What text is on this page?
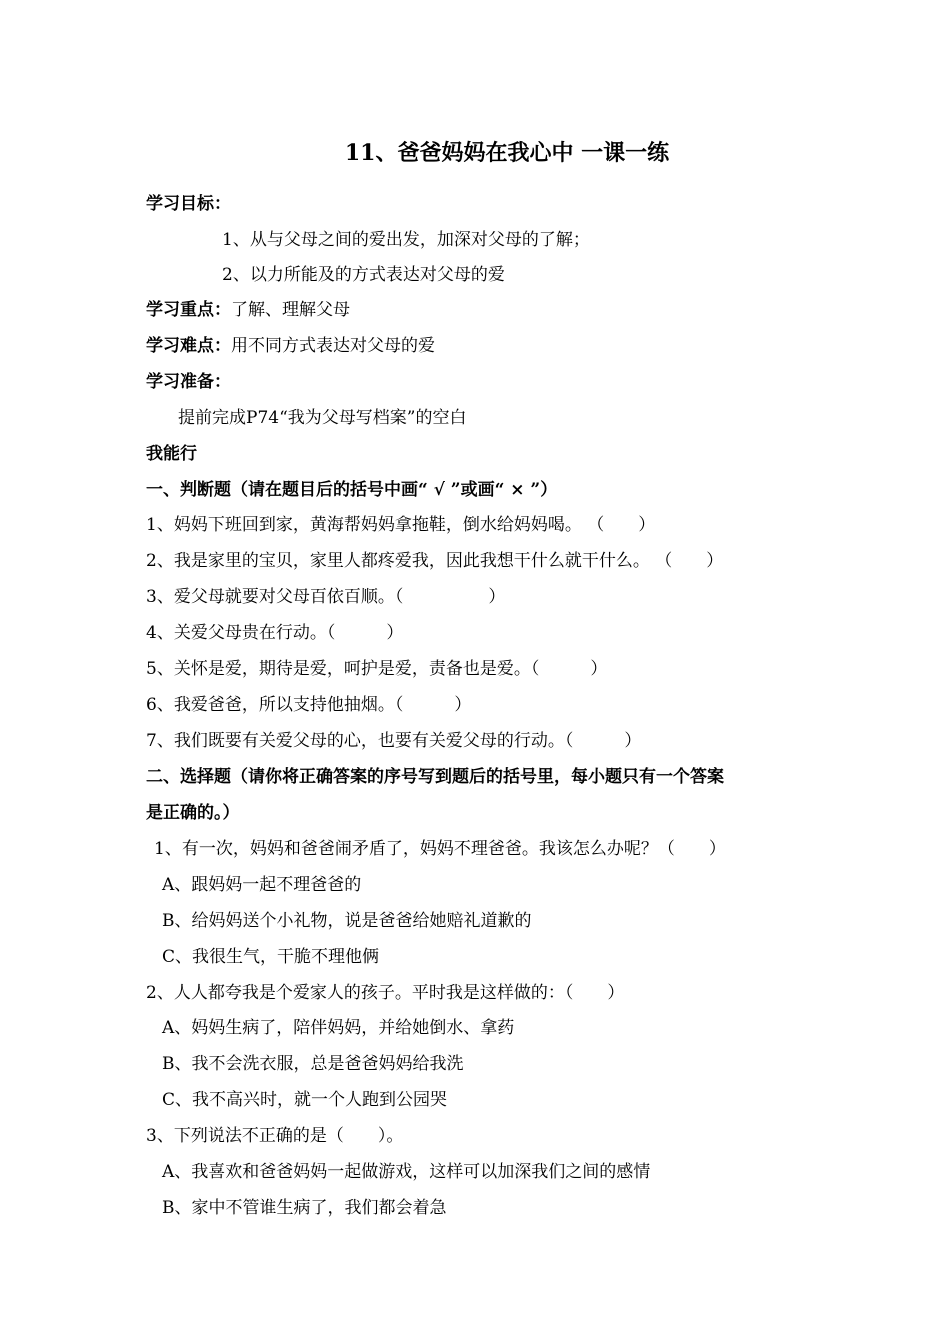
11、爸爸妈妈在我心中 一课一练
学习目标：
1、从与父母之间的爱出发，加深对父母的了解；
2、以力所能及的方式表达对父母的爱
学习重点：了解、理解父母
学习难点：用不同方式表达对父母的爱
学习准备：
提前完成P74“我为父母写档案”的空白
我能行
一、判断题（请在题目后的括号中画“ √ ”或画“ × ”）
1、妈妈下班回到家，黄海帮妈妈拿拖鞋，倒水给妈妈喝。 （　　）
2、我是家里的宝贝，家里人都疼爱我，因此我想干什么就干什么。 （　　）
3、爱父母就要对父母百依百顺。（　　　　　）
4、关爱父母贵在行动。（　　　）
5、关怀是爱，期待是爱，呵护是爱，责备也是爱。（　　　）
6、我爱爸爸，所以支持他抽烟。（　　　）
7、我们既要有关爱父母的心，也要有关爱父母的行动。（　　　）
二、选择题（请你将正确答案的序号写到题后的括号里，每小题只有一个答案
是正确的。）
1、有一次，妈妈和爸爸闹矛盾了，妈妈不理爸爸。我该怎么办呢？（　　）
A、跟妈妈一起不理爸爸的
B、给妈妈送个小礼物，说是爸爸给她赔礼道歉的
C、我很生气，干脆不理他俩
2、人人都夸我是个爱家人的孩子。平时我是这样做的：（　　）
A、妈妈生病了，陪伴妈妈，并给她倒水、拿药
B、我不会洗衣服，总是爸爸妈妈给我洗
C、我不高兴时，就一个人跑到公园哭
3、下列说法不正确的是（　　）。
A、我喜欢和爸爸妈妈一起做游戏，这样可以加深我们之间的感情
B、家中不管谁生病了，我们都会着急
